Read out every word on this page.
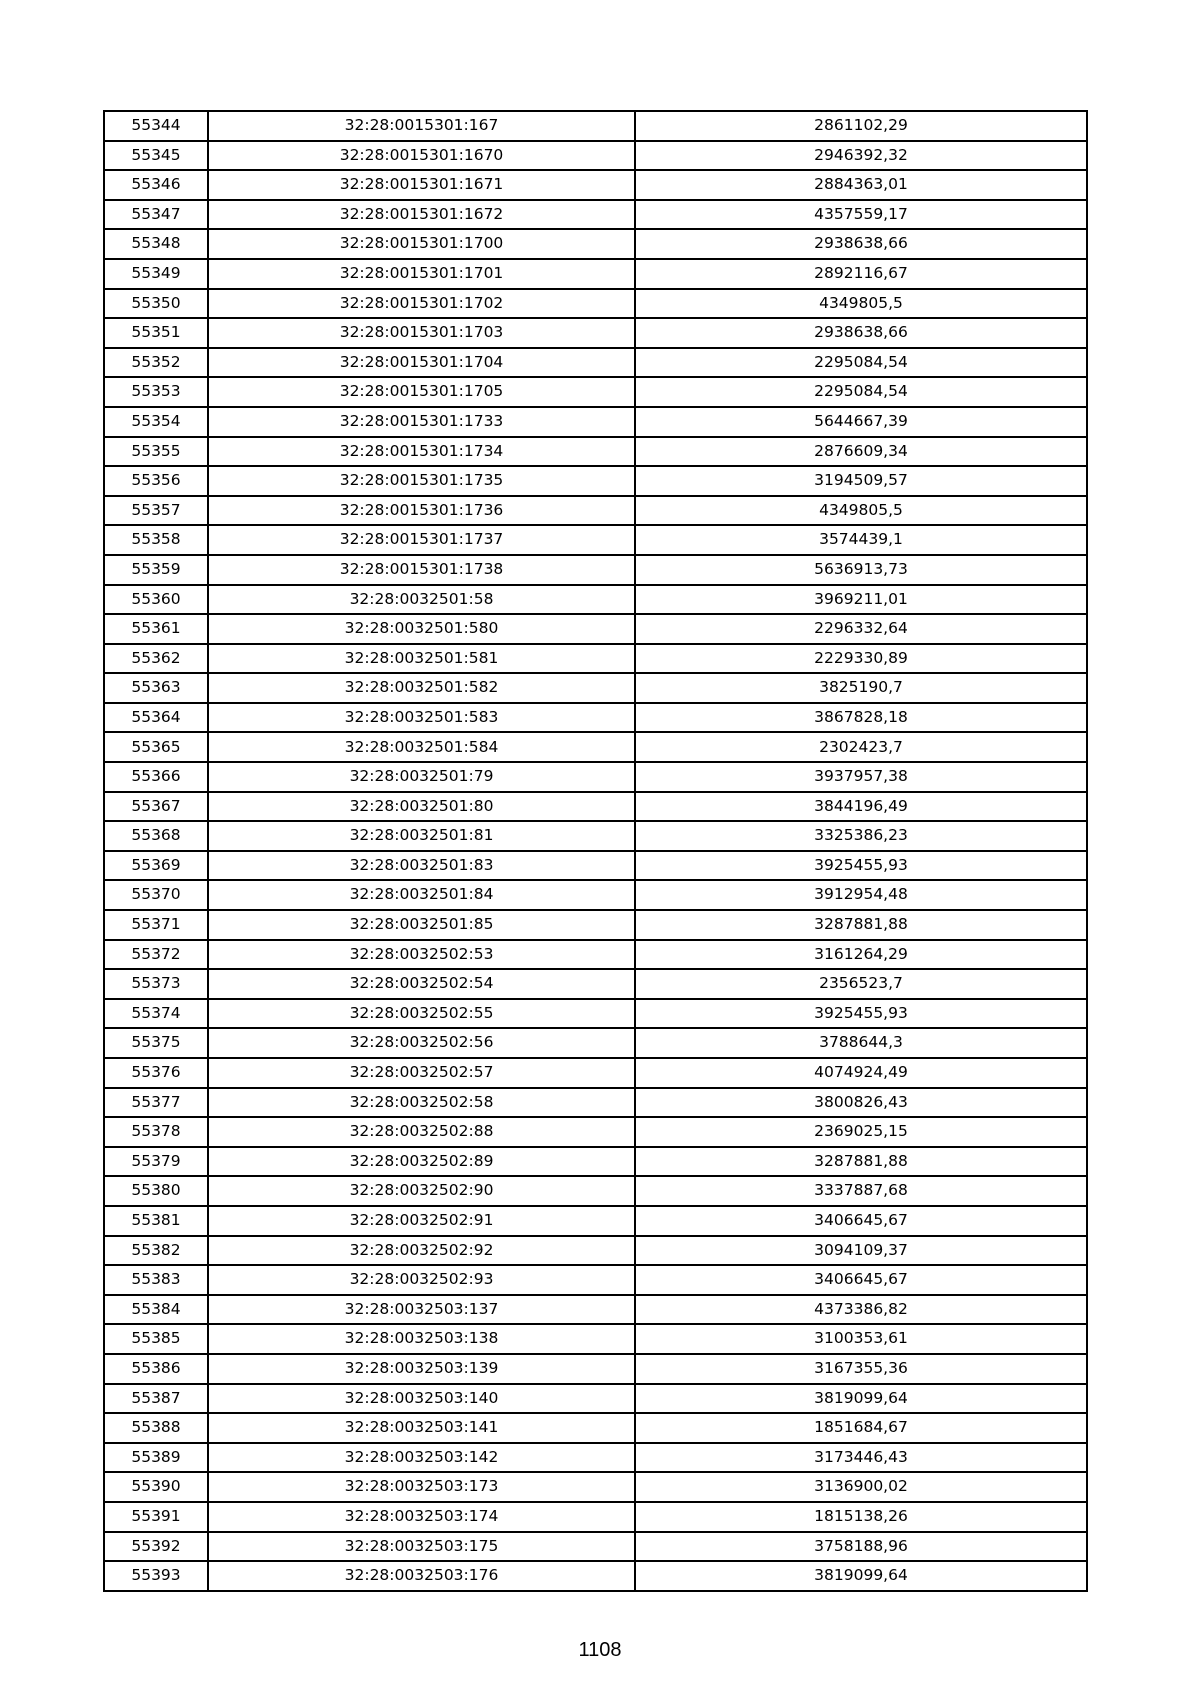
55344	32:28:0015301:167	2861102,29
55345	32:28:0015301:1670	2946392,32
55346	32:28:0015301:1671	2884363,01
55347	32:28:0015301:1672	4357559,17
55348	32:28:0015301:1700	2938638,66
55349	32:28:0015301:1701	2892116,67
55350	32:28:0015301:1702	4349805,5
55351	32:28:0015301:1703	2938638,66
55352	32:28:0015301:1704	2295084,54
55353	32:28:0015301:1705	2295084,54
55354	32:28:0015301:1733	5644667,39
55355	32:28:0015301:1734	2876609,34
55356	32:28:0015301:1735	3194509,57
55357	32:28:0015301:1736	4349805,5
55358	32:28:0015301:1737	3574439,1
55359	32:28:0015301:1738	5636913,73
55360	32:28:0032501:58	3969211,01
55361	32:28:0032501:580	2296332,64
55362	32:28:0032501:581	2229330,89
55363	32:28:0032501:582	3825190,7
55364	32:28:0032501:583	3867828,18
55365	32:28:0032501:584	2302423,7
55366	32:28:0032501:79	3937957,38
55367	32:28:0032501:80	3844196,49
55368	32:28:0032501:81	3325386,23
55369	32:28:0032501:83	3925455,93
55370	32:28:0032501:84	3912954,48
55371	32:28:0032501:85	3287881,88
55372	32:28:0032502:53	3161264,29
55373	32:28:0032502:54	2356523,7
55374	32:28:0032502:55	3925455,93
55375	32:28:0032502:56	3788644,3
55376	32:28:0032502:57	4074924,49
55377	32:28:0032502:58	3800826,43
55378	32:28:0032502:88	2369025,15
55379	32:28:0032502:89	3287881,88
55380	32:28:0032502:90	3337887,68
55381	32:28:0032502:91	3406645,67
55382	32:28:0032502:92	3094109,37
55383	32:28:0032502:93	3406645,67
55384	32:28:0032503:137	4373386,82
55385	32:28:0032503:138	3100353,61
55386	32:28:0032503:139	3167355,36
55387	32:28:0032503:140	3819099,64
55388	32:28:0032503:141	1851684,67
55389	32:28:0032503:142	3173446,43
55390	32:28:0032503:173	3136900,02
55391	32:28:0032503:174	1815138,26
55392	32:28:0032503:175	3758188,96
55393	32:28:0032503:176	3819099,64
1108
